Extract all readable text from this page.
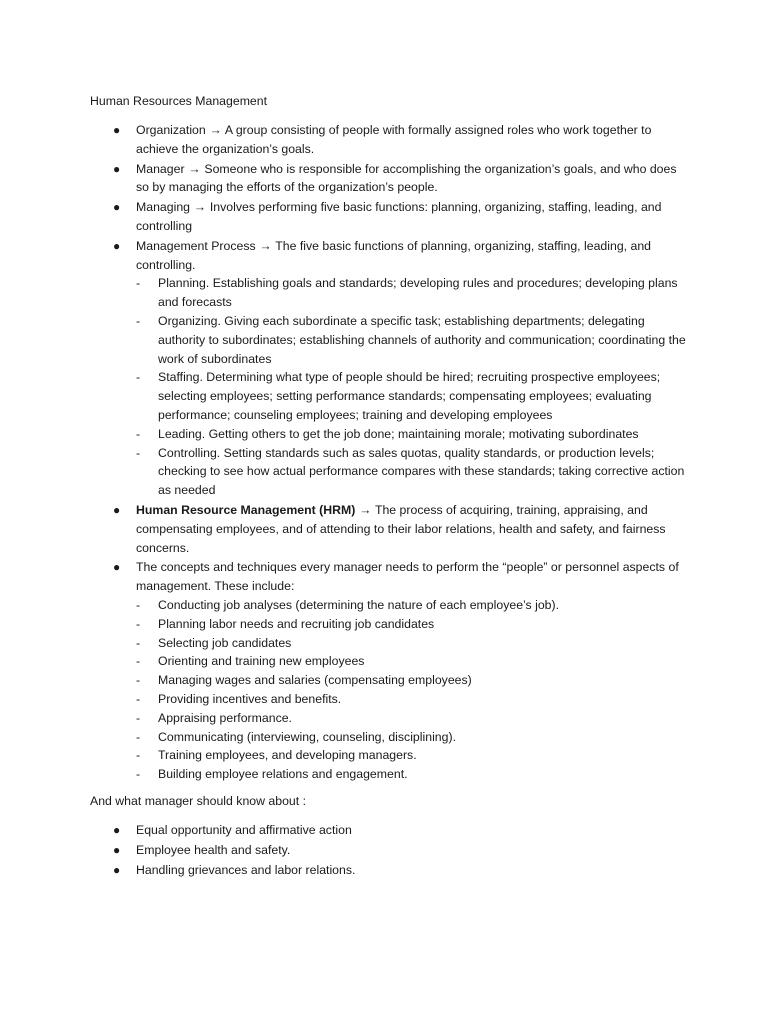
Human Resources Management
● Organization → A group consisting of people with formally assigned roles who work together to achieve the organization’s goals.
● Manager → Someone who is responsible for accomplishing the organization’s goals, and who does so by managing the efforts of the organization’s people.
● Managing → Involves performing five basic functions: planning, organizing, staffing, leading, and controlling
● Management Process → The five basic functions of planning, organizing, staffing, leading, and controlling.
- Planning. Establishing goals and standards; developing rules and procedures; developing plans and forecasts
- Organizing. Giving each subordinate a specific task; establishing departments; delegating authority to subordinates; establishing channels of authority and communication; coordinating the work of subordinates
- Staffing. Determining what type of people should be hired; recruiting prospective employees; selecting employees; setting performance standards; compensating employees; evaluating performance; counseling employees; training and developing employees
- Leading. Getting others to get the job done; maintaining morale; motivating subordinates
- Controlling. Setting standards such as sales quotas, quality standards, or production levels; checking to see how actual performance compares with these standards; taking corrective action as needed
● Human Resource Management (HRM) → The process of acquiring, training, appraising, and compensating employees, and of attending to their labor relations, health and safety, and fairness concerns.
● The concepts and techniques every manager needs to perform the “people” or personnel aspects of management. These include:
- Conducting job analyses (determining the nature of each employee’s job).
- Planning labor needs and recruiting job candidates
- Selecting job candidates
- Orienting and training new employees
- Managing wages and salaries (compensating employees)
- Providing incentives and benefits.
- Appraising performance.
- Communicating (interviewing, counseling, disciplining).
- Training employees, and developing managers.
- Building employee relations and engagement.

And what manager should know about :

● Equal opportunity and affirmative action
● Employee health and safety.
● Handling grievances and labor relations.
